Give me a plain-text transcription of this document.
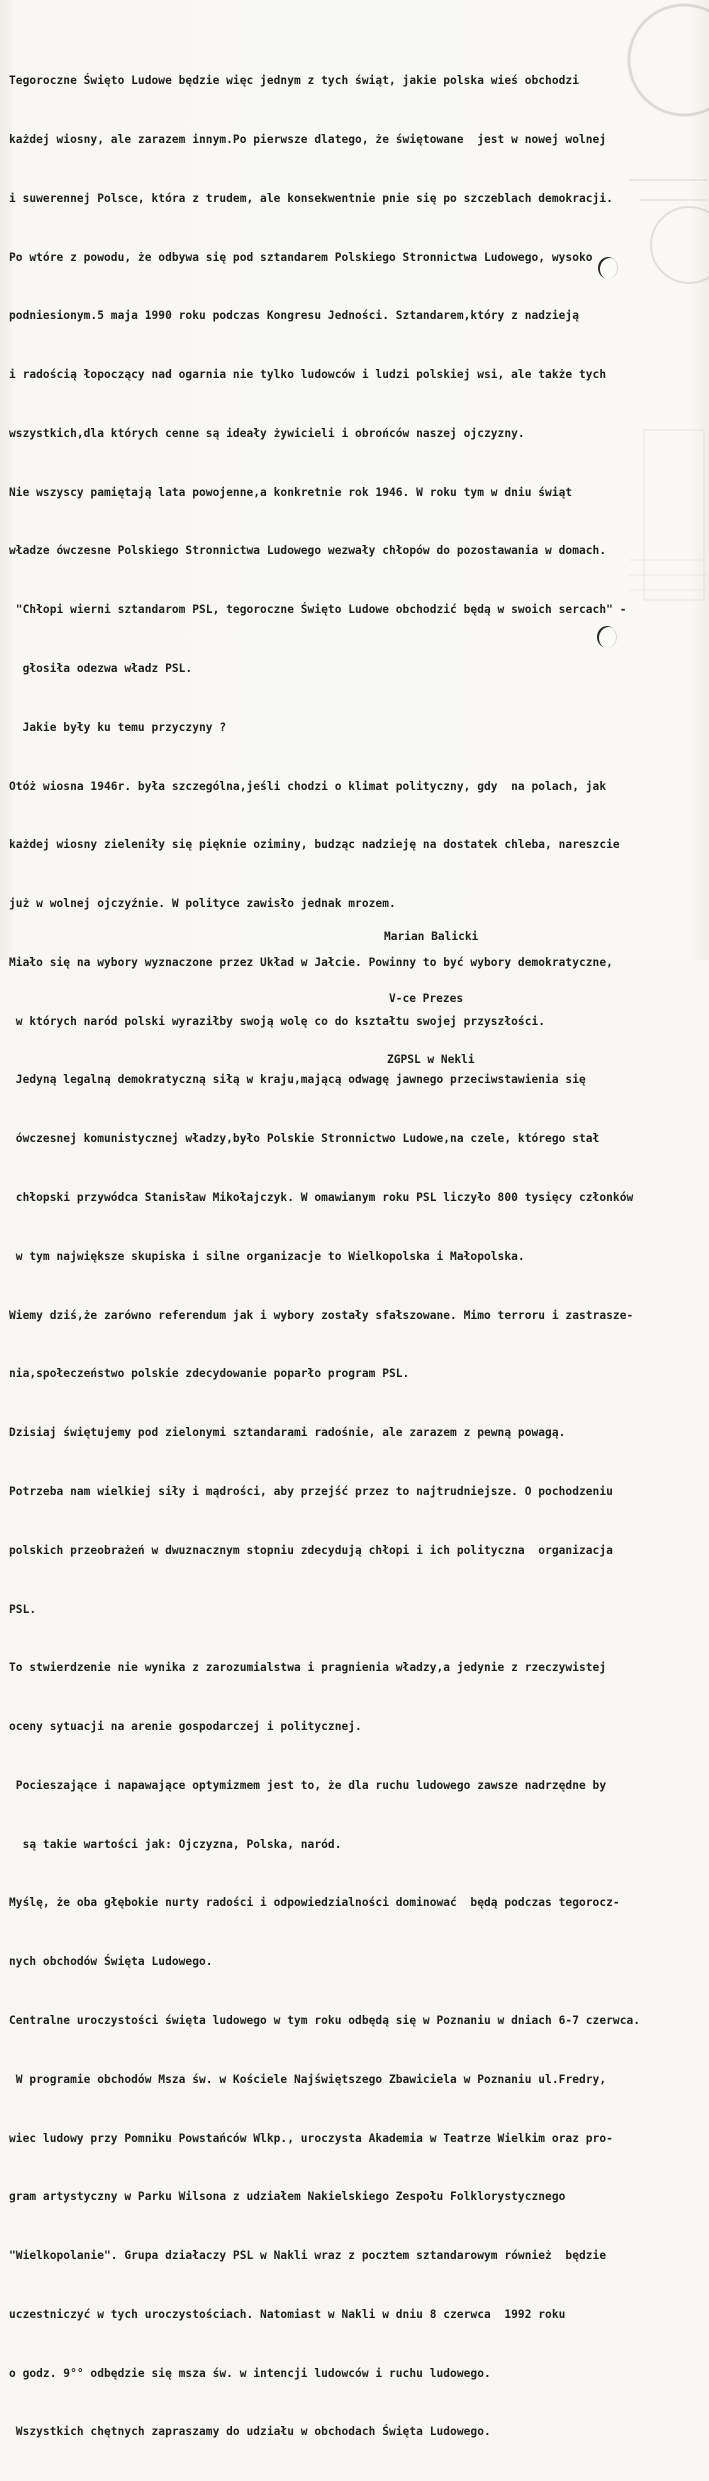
Tegoroczne Święto Ludowe będzie więc jednym z tych świąt, jakie polska wieś obchodzi

każdej wiosny, ale zarazem innym.Po pierwsze dlatego, że świętowane  jest w nowej wolnej

i suwerennej Polsce, która z trudem, ale konsekwentnie pnie się po szczeblach demokracji.

Po wtóre z powodu, że odbywa się pod sztandarem Polskiego Stronnictwa Ludowego, wysoko

podniesionym.5 maja 1990 roku podczas Kongresu Jedności. Sztandarem,który z nadzieją

i radością łopoczący nad ogarnia nie tylko ludowców i ludzi polskiej wsi, ale także tych

wszystkich,dla których cenne są ideały żywicieli i obrońców naszej ojczyzny.

Nie wszyscy pamiętają lata powojenne,a konkretnie rok 1946. W roku tym w dniu świąt

władze ówczesne Polskiego Stronnictwa Ludowego wezwały chłopów do pozostawania w domach.

"Chłopi wierni sztandarom PSL, tegoroczne Święto Ludowe obchodzić będą w swoich sercach" -

głosiła odezwa władz PSL.

Jakie były ku temu przyczyny ?

Otóż wiosna 1946r. była szczególna,jeśli chodzi o klimat polityczny, gdy  na polach, jak

każdej wiosny zieleniły się pięknie oziminy, budząc nadzieję na dostatek chleba, nareszcie

już w wolnej ojczyźnie. W polityce zawisło jednak mrozem.

Miało się na wybory wyznaczone przez Układ w Jałcie. Powinny to być wybory demokratyczne,

w których naród polski wyraziłby swoją wolę co do kształtu swojej przyszłości.

Jedyną legalną demokratyczną siłą w kraju,mającą odwagę jawnego przeciwstawienia się

ówczesnej komunistycznej władzy,było Polskie Stronnictwo Ludowe,na czele, którego stał

chłopski przywódca Stanisław Mikołajczyk. W omawianym roku PSL liczyło 800 tysięcy członków

w tym największe skupiska i silne organizacje to Wielkopolska i Małopolska.

Wiemy dziś,że zarówno referendum jak i wybory zostały sfałszowane. Mimo terroru i zastrasze-

nia,społeczeństwo polskie zdecydowanie poparło program PSL.

Dzisiaj świętujemy pod zielonymi sztandarami radośnie, ale zarazem z pewną powagą.

Potrzeba nam wielkiej siły i mądrości, aby przejść przez to najtrudniejsze. O pochodzeniu

polskich przeobrażeń w dwuznacznym stopniu zdecydują chłopi i ich polityczna  organizacja

PSL.

To stwierdzenie nie wynika z zarozumialstwa i pragnienia władzy,a jedynie z rzeczywistej

oceny sytuacji na arenie gospodarczej i politycznej.

Pocieszające i napawające optymizmem jest to, że dla ruchu ludowego zawsze nadrzędne by

są takie wartości jak: Ojczyzna, Polska, naród.

Myślę, że oba głębokie nurty radości i odpowiedzialności dominować  będą podczas tegorocz-

nych obchodów Święta Ludowego.

Centralne uroczystości święta ludowego w tym roku odbędą się w Poznaniu w dniach 6-7 czerwca.

W programie obchodów Msza św. w Kościele Najświętszego Zbawiciela w Poznaniu ul.Fredry,

wiec ludowy przy Pomniku Powstańców Wlkp., uroczysta Akademia w Teatrze Wielkim oraz pro-

gram artystyczny w Parku Wilsona z udziałem Nakielskiego Zespołu Folklorystycznego

"Wielkopolanie". Grupa działaczy PSL w Nakli wraz z pocztem sztandarowym również  będzie

uczestniczyć w tych uroczystościach. Natomiast w Nakli w dniu 8 czerwca  1992 roku

o godz. 9°° odbędzie się msza św. w intencji ludowców i ruchu ludowego.

Wszystkich chętnych zapraszamy do udziału w obchodach Święta Ludowego.

Marian Balicki

V-ce Prezes

ZGPSL w Nekli
